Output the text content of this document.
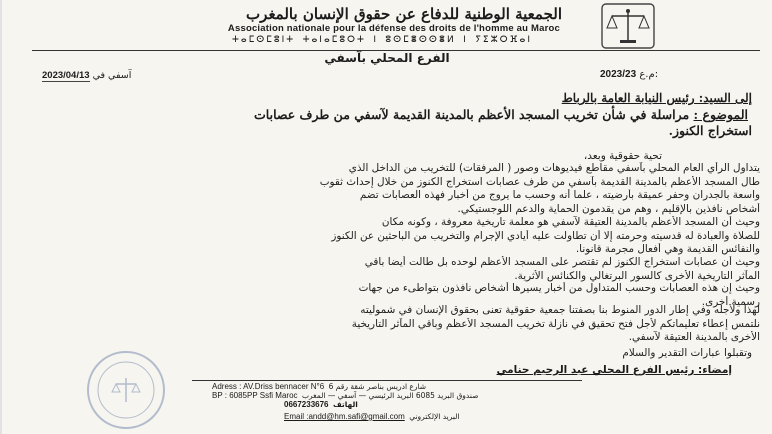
الجمعية الوطنية للدفاع عن حقوق الإنسان بالمغرب
Association nationale pour la défense des droits de l'homme au Maroc
ⵜⴰⵎⵙⵎⵓⵏⵜ ⵜⴰⵏⴰⵎⵓⵔⵜ ⵏ ⵓⵙⵎⴻⵙⵙⴻⵍ ⵏ ⵢⵉⵣⵔⴼⴰⵏ
الفرع المحلي بآسفي
2023/04/13 آسفي في	2023/23 م.ع:
إلى السيد: رئيس النيابة العامة بالرباط
الموضوع : مراسلة في شأن تخريب المسجد الأعظم بالمدينة القديمة لآسفي من طرف عصابات
استخراج الكنوز.
تحية حقوقية وبعد،
يتداول الرأي العام المحلي بآسفي مقاطع فيديوهات وصور ( المرفقات) للتخريب من الداخل الذي
طال المسجد الأعظم بالمدينة القديمة بآسفي من طرف عصابات استخراج الكنوز من خلال إحداث ثقوب
واسعة بالجدران وحفر عميقة بأرضيته ، علما أنه وحسب ما يروج من أخبار فهذه العصابات تضم
أشخاص نافذين بالإقليم ، وهم من يقدمون الحماية والدعم اللوجستيكي.
وحيث أن المسجد الأعظم بالمدينة العتيقة لآسفي هو معلمة تاريخية معروفة ، وكونه مكان
للصلاة والعبادة له قدسيته وحرمته إلا أن تطاولت عليه أيادي الإجرام والتخريب من الباحثين عن الكنوز
والنفائس القديمة وهي أفعال مجرمة قانونا.
وحيث أن عصابات استخراج الكنوز لم تقتصر على المسجد الأعظم لوحده بل طالت أيضا باقي
المآثر التاريخية الأخرى كالسور البرتغالي والكنائس الأثرية.
وحيث إن هذه العصابات وحسب المتداول من أخبار يسيرها أشخاص نافذون بتواطىء من جهات
رسمية أخرى.
لهذا ولأجله وفي إطار الدور المنوط بنا بصفتنا جمعية حقوقية تعنى بحقوق الإنسان في شموليته
نلتمس إعطاء تعليماتكم لأجل فتح تحقيق في نازلة تخريب المسجد الأعظم وباقي المآثر التاريخية
الأخرى بالمدينة العتيقة لآسفي.
وتقبلوا عبارات التقدير والسلام
إمضاء: رئيس الفرع المحلي عبد الرحيم حنامي
Adress : AV.Driss bennacer N°6 شارع ادريس بناصر شقة رقم 6
BP : 6085PP Ssfi Maroc صندوق البريد 6085 البريد الرئيسي — آسفي — المغرب
0667233676 الهاتف
Email :andd@hm.safi@gmail.com البريد الإلكتروني
